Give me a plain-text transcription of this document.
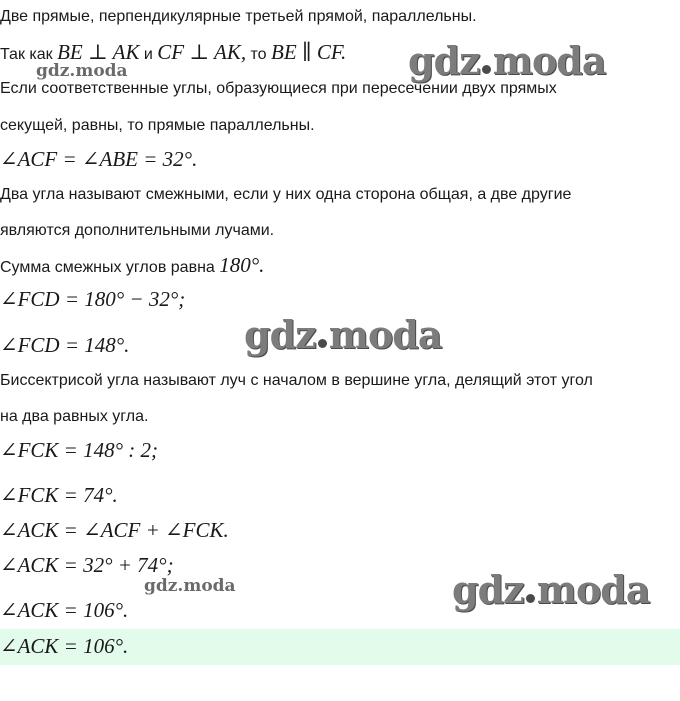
Две прямые, перпендикулярные третьей прямой, параллельны.
Так как BE ⊥ AK и CF ⊥ AK, то BE ∥ CF.
Если соответственные углы, образующиеся при пересечении двух прямых
секущей, равны, то прямые параллельны.
∠ACF = ∠ABE = 32°.
Два угла называют смежными, если у них одна сторона общая, а две другие
являются дополнительными лучами.
Сумма смежных углов равна 180°.
∠FCD = 180° − 32°;
∠FCD = 148°.
Биссектрисой угла называют луч с началом в вершине угла, делящий этот угол
на два равных угла.
∠FCK = 148° : 2;
∠FCK = 74°.
∠ACK = ∠ACF + ∠FCK.
∠ACK = 32° + 74°;
∠ACK = 106°.
∠ACK = 106°.
gdz.moda
gdz.moda
gdz moda
gdz moda
gdz moda
